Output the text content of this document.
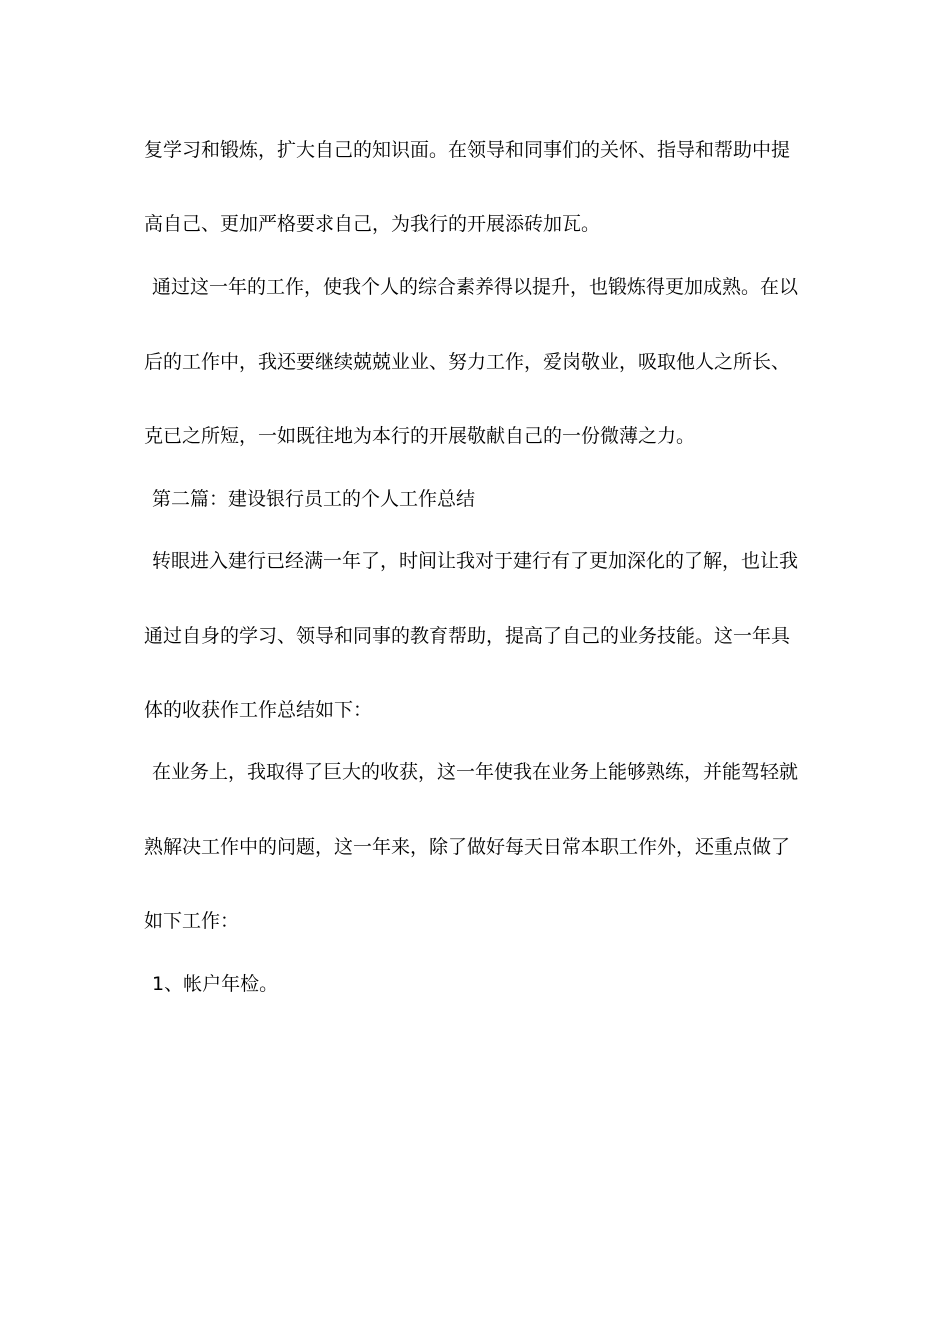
复学习和锻炼，扩大自己的知识面。在领导和同事们的关怀、指导和帮助中提
高自己、更加严格要求自己，为我行的开展添砖加瓦。
通过这一年的工作，使我个人的综合素养得以提升，也锻炼得更加成熟。在以
后的工作中，我还要继续兢兢业业、努力工作，爱岗敬业，吸取他人之所长、
克已之所短，一如既往地为本行的开展敬献自己的一份微薄之力。
第二篇：建设银行员工的个人工作总结
转眼进入建行已经满一年了，时间让我对于建行有了更加深化的了解，也让我
通过自身的学习、领导和同事的教育帮助，提高了自己的业务技能。这一年具
体的收获作工作总结如下：
在业务上，我取得了巨大的收获，这一年使我在业务上能够熟练，并能驾轻就
熟解决工作中的问题，这一年来，除了做好每天日常本职工作外，还重点做了
如下工作：
1、帐户年检。
